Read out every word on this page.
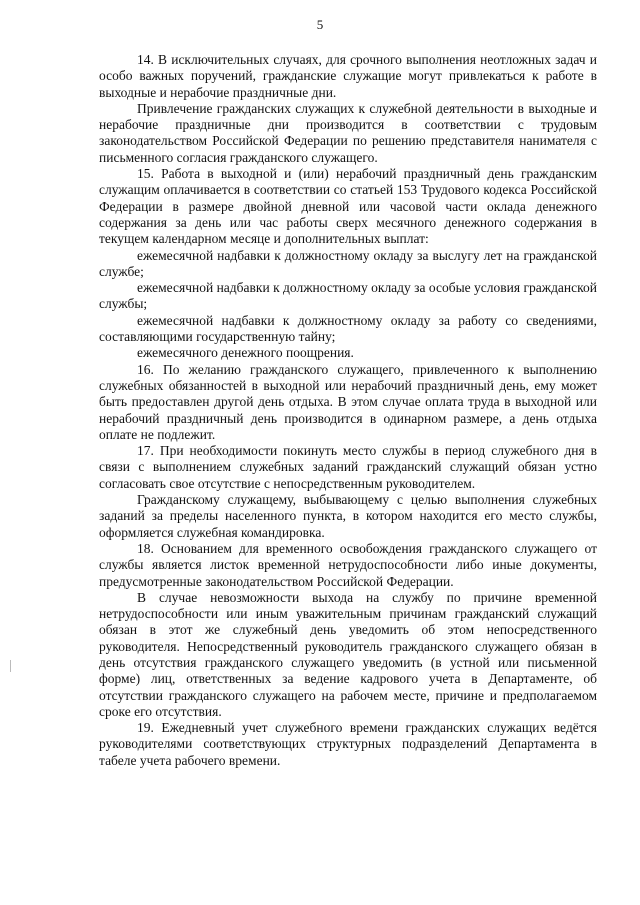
5

14. В исключительных случаях, для срочного выполнения неотложных задач и особо важных поручений, гражданские служащие могут привлекаться к работе в выходные и нерабочие праздничные дни.

Привлечение гражданских служащих к служебной деятельности в выходные и нерабочие праздничные дни производится в соответствии с трудовым законодательством Российской Федерации по решению представителя нанимателя с письменного согласия гражданского служащего.

15. Работа в выходной и (или) нерабочий праздничный день гражданским служащим оплачивается в соответствии со статьей 153 Трудового кодекса Российской Федерации в размере двойной дневной или часовой части оклада денежного содержания за день или час работы сверх месячного денежного содержания в текущем календарном месяце и дополнительных выплат:

ежемесячной надбавки к должностному окладу за выслугу лет на гражданской службе;

ежемесячной надбавки к должностному окладу за особые условия гражданской службы;

ежемесячной надбавки к должностному окладу за работу со сведениями, составляющими государственную тайну;

ежемесячного денежного поощрения.

16. По желанию гражданского служащего, привлеченного к выполнению служебных обязанностей в выходной или нерабочий праздничный день, ему может быть предоставлен другой день отдыха. В этом случае оплата труда в выходной или нерабочий праздничный день производится в одинарном размере, а день отдыха оплате не подлежит.

17. При необходимости покинуть место службы в период служебного дня в связи с выполнением служебных заданий гражданский служащий обязан устно согласовать свое отсутствие с непосредственным руководителем.

Гражданскому служащему, выбывающему с целью выполнения служебных заданий за пределы населенного пункта, в котором находится его место службы, оформляется служебная командировка.

18. Основанием для временного освобождения гражданского служащего от службы является листок временной нетрудоспособности либо иные документы, предусмотренные законодательством Российской Федерации.

В случае невозможности выхода на службу по причине временной нетрудоспособности или иным уважительным причинам гражданский служащий обязан в этот же служебный день уведомить об этом непосредственного руководителя. Непосредственный руководитель гражданского служащего обязан в день отсутствия гражданского служащего уведомить (в устной или письменной форме) лиц, ответственных за ведение кадрового учета в Департаменте, об отсутствии гражданского служащего на рабочем месте, причине и предполагаемом сроке его отсутствия.

19. Ежедневный учет служебного времени гражданских служащих ведётся руководителями соответствующих структурных подразделений Департамента в табеле учета рабочего времени.
